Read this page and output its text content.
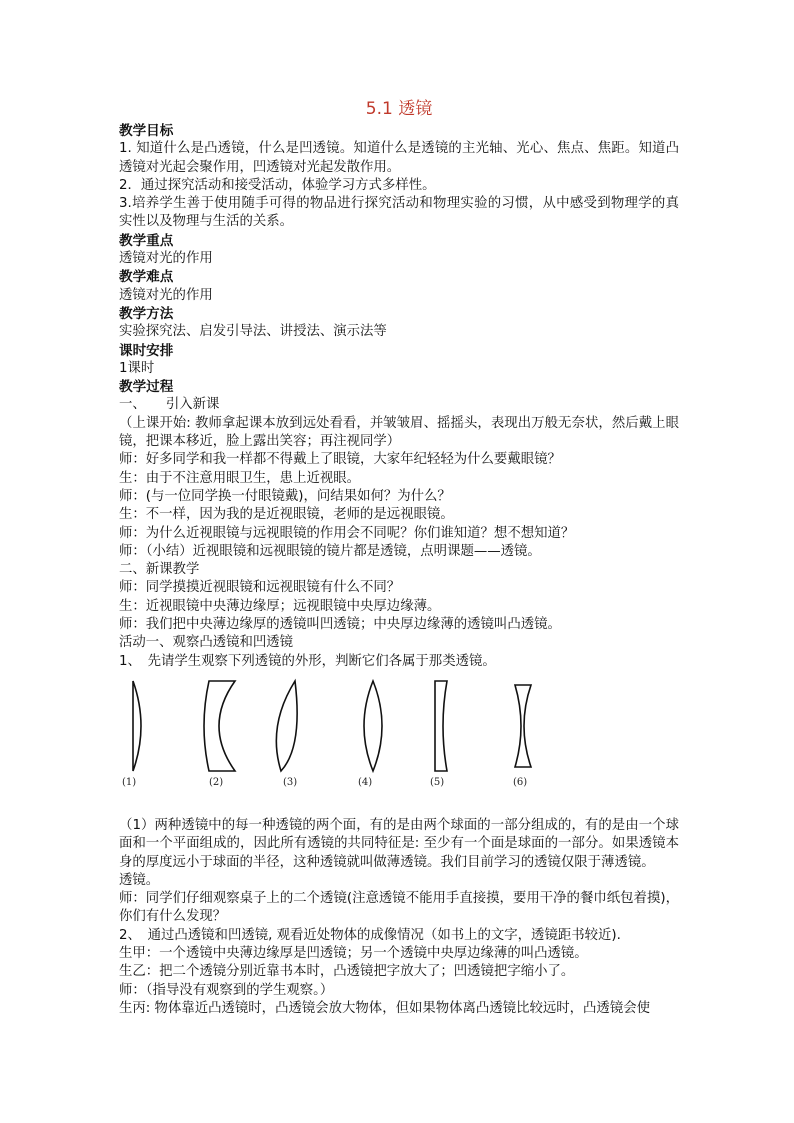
5.1 透镜
教学目标
1. 知道什么是凸透镜，什么是凹透镜。知道什么是透镜的主光轴、光心、焦点、焦距。知道凸透镜对光起会聚作用，凹透镜对光起发散作用。
2．通过探究活动和接受活动，体验学习方式多样性。
3.培养学生善于使用随手可得的物品进行探究活动和物理实验的习惯，从中感受到物理学的真实性以及物理与生活的关系。
教学重点
透镜对光的作用
教学难点
透镜对光的作用
教学方法
实验探究法、启发引导法、讲授法、演示法等
课时安排
1课时
教学过程
一、　　引入新课
（上课开始: 教师拿起课本放到远处看看，并皱皱眉、摇摇头，表现出万般无奈状，然后戴上眼镜，把课本移近，脸上露出笑容；再注视同学）
师：好多同学和我一样都不得戴上了眼镜，大家年纪轻轻为什么要戴眼镜？
生：由于不注意用眼卫生，患上近视眼。
师：(与一位同学换一付眼镜戴)，问结果如何？为什么？
生：不一样，因为我的是近视眼镜，老师的是远视眼镜。
师：为什么近视眼镜与远视眼镜的作用会不同呢？你们谁知道？想不想知道？
师：（小结）近视眼镜和远视眼镜的镜片都是透镜，点明课题——透镜。
二、新课教学
师：同学摸摸近视眼镜和远视眼镜有什么不同？
生：近视眼镜中央薄边缘厚；远视眼镜中央厚边缘薄。
师：我们把中央薄边缘厚的透镜叫凹透镜；中央厚边缘薄的透镜叫凸透镜。
活动一、观察凸透镜和凹透镜
1、　先请学生观察下列透镜的外形，判断它们各属于那类透镜。
(1)	(2)	(3)	(4)	(5)	(6)
（1）两种透镜中的每一种透镜的两个面，有的是由两个球面的一部分组成的，有的是由一个球面和一个平面组成的，因此所有透镜的共同特征是: 至少有一个面是球面的一部分。如果透镜本身的厚度远小于球面的半径，这种透镜就叫做薄透镜。我们目前学习的透镜仅限于薄透镜。
透镜。
师：同学们仔细观察桌子上的二个透镜(注意透镜不能用手直接摸，要用干净的餐巾纸包着摸)，你们有什么发现？
2、　通过凸透镜和凹透镜, 观看近处物体的成像情况（如书上的文字，透镜距书较近).
生甲：一个透镜中央薄边缘厚是凹透镜；另一个透镜中央厚边缘薄的叫凸透镜。
生乙：把二个透镜分别近靠书本时，凸透镜把字放大了；凹透镜把字缩小了。
师：（指导没有观察到的学生观察。）
生丙: 物体靠近凸透镜时，凸透镜会放大物体，但如果物体离凸透镜比较远时，凸透镜会使
